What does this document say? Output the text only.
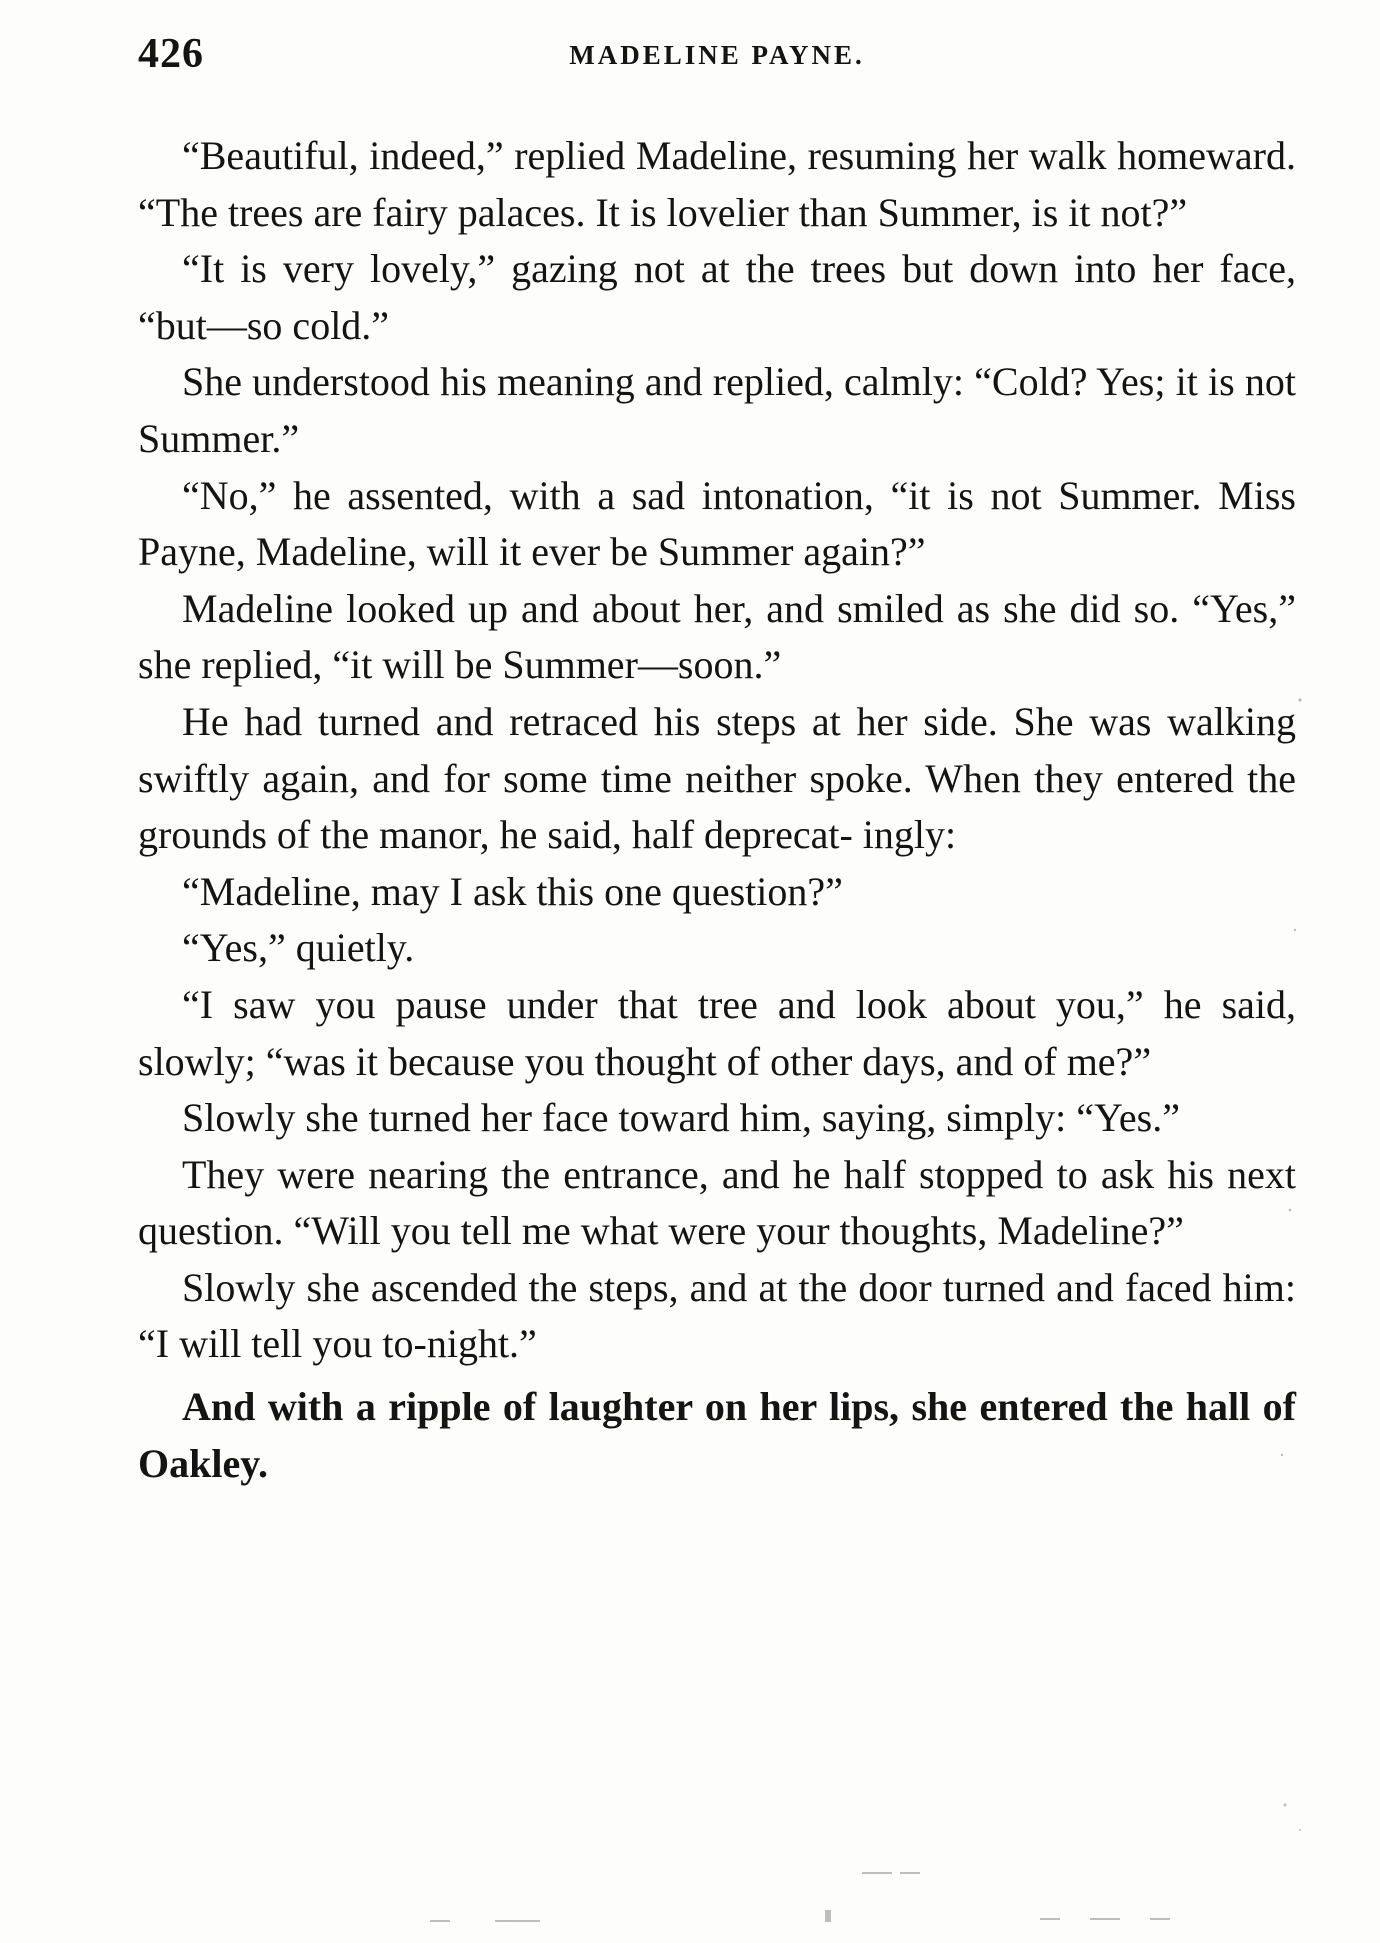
426	MADELINE PAYNE.

“Beautiful, indeed,” replied Madeline, resuming her walk homeward. “The trees are fairy palaces. It is lovelier than Summer, is it not?”

“It is very lovely,” gazing not at the trees but down into her face, “but—so cold.”

She understood his meaning and replied, calmly: “Cold? Yes; it is not Summer.”

“No,” he assented, with a sad intonation, “it is not Summer. Miss Payne, Madeline, will it ever be Summer again?”

Madeline looked up and about her, and smiled as she did so. “Yes,” she replied, “it will be Summer—soon.”

He had turned and retraced his steps at her side. She was walking swiftly again, and for some time neither spoke. When they entered the grounds of the manor, he said, half deprecat- ingly:

“Madeline, may I ask this one question?”

“Yes,” quietly.

“I saw you pause under that tree and look about you,” he said, slowly; “was it because you thought of other days, and of me?”

Slowly she turned her face toward him, saying, simply: “Yes.”

They were nearing the entrance, and he half stopped to ask his next question. “Will you tell me what were your thoughts, Madeline?”

Slowly she ascended the steps, and at the door turned and faced him: “I will tell you to-night.”

And with a ripple of laughter on her lips, she entered the hall of Oakley.
